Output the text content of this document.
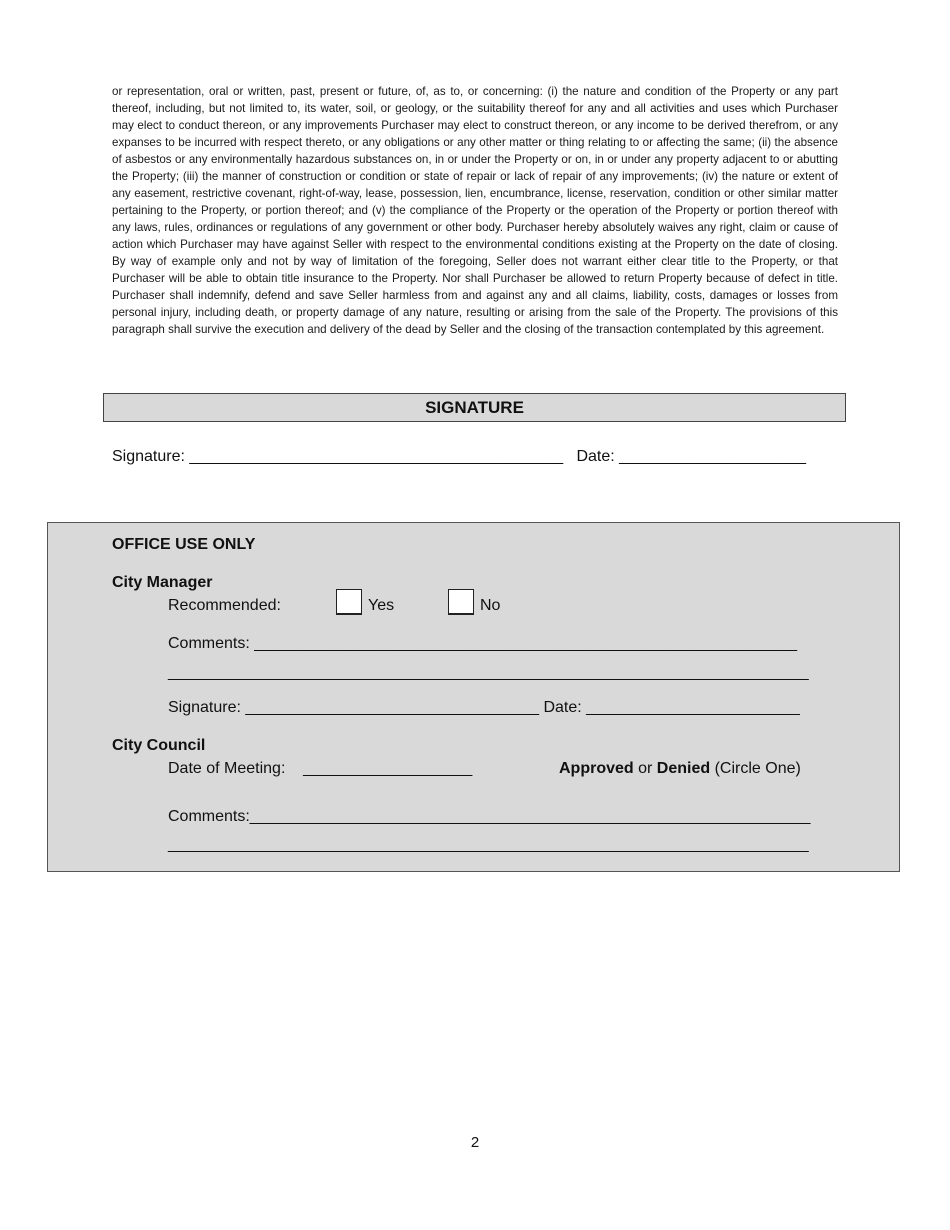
or representation, oral or written, past, present or future, of, as to, or concerning: (i) the nature and condition of the Property or any part thereof, including, but not limited to, its water, soil, or geology, or the suitability thereof for any and all activities and uses which Purchaser may elect to conduct thereon, or any improvements Purchaser may elect to construct thereon, or any income to be derived therefrom, or any expanses to be incurred with respect thereto, or any obligations or any other matter or thing relating to or affecting the same; (ii) the absence of asbestos or any environmentally hazardous substances on, in or under the Property or on, in or under any property adjacent to or abutting the Property; (iii) the manner of construction or condition or state of repair or lack of repair of any improvements; (iv) the nature or extent of any easement, restrictive covenant, right-of-way, lease, possession, lien, encumbrance, license, reservation, condition or other similar matter pertaining to the Property, or portion thereof; and (v) the compliance of the Property or the operation of the Property or portion thereof with any laws, rules, ordinances or regulations of any government or other body. Purchaser hereby absolutely waives any right, claim or cause of action which Purchaser may have against Seller with respect to the environmental conditions existing at the Property on the date of closing. By way of example only and not by way of limitation of the foregoing, Seller does not warrant either clear title to the Property, or that Purchaser will be able to obtain title insurance to the Property. Nor shall Purchaser be allowed to return Property because of defect in title. Purchaser shall indemnify, defend and save Seller harmless from and against any and all claims, liability, costs, damages or losses from personal injury, including death, or property damage of any nature, resulting or arising from the sale of the Property. The provisions of this paragraph shall survive the execution and delivery of the dead by Seller and the closing of the transaction contemplated by this agreement.
SIGNATURE
Signature: __________________________________________   Date: _____________________
OFFICE USE ONLY
City Manager
Recommended:	Yes	No
Comments: _____________________________________________________________
________________________________________________________________________
Signature: _________________________________ Date: ________________________
City Council
Date of Meeting:    ___________________	Approved or Denied (Circle One)
Comments:_______________________________________________________________
________________________________________________________________________
2
